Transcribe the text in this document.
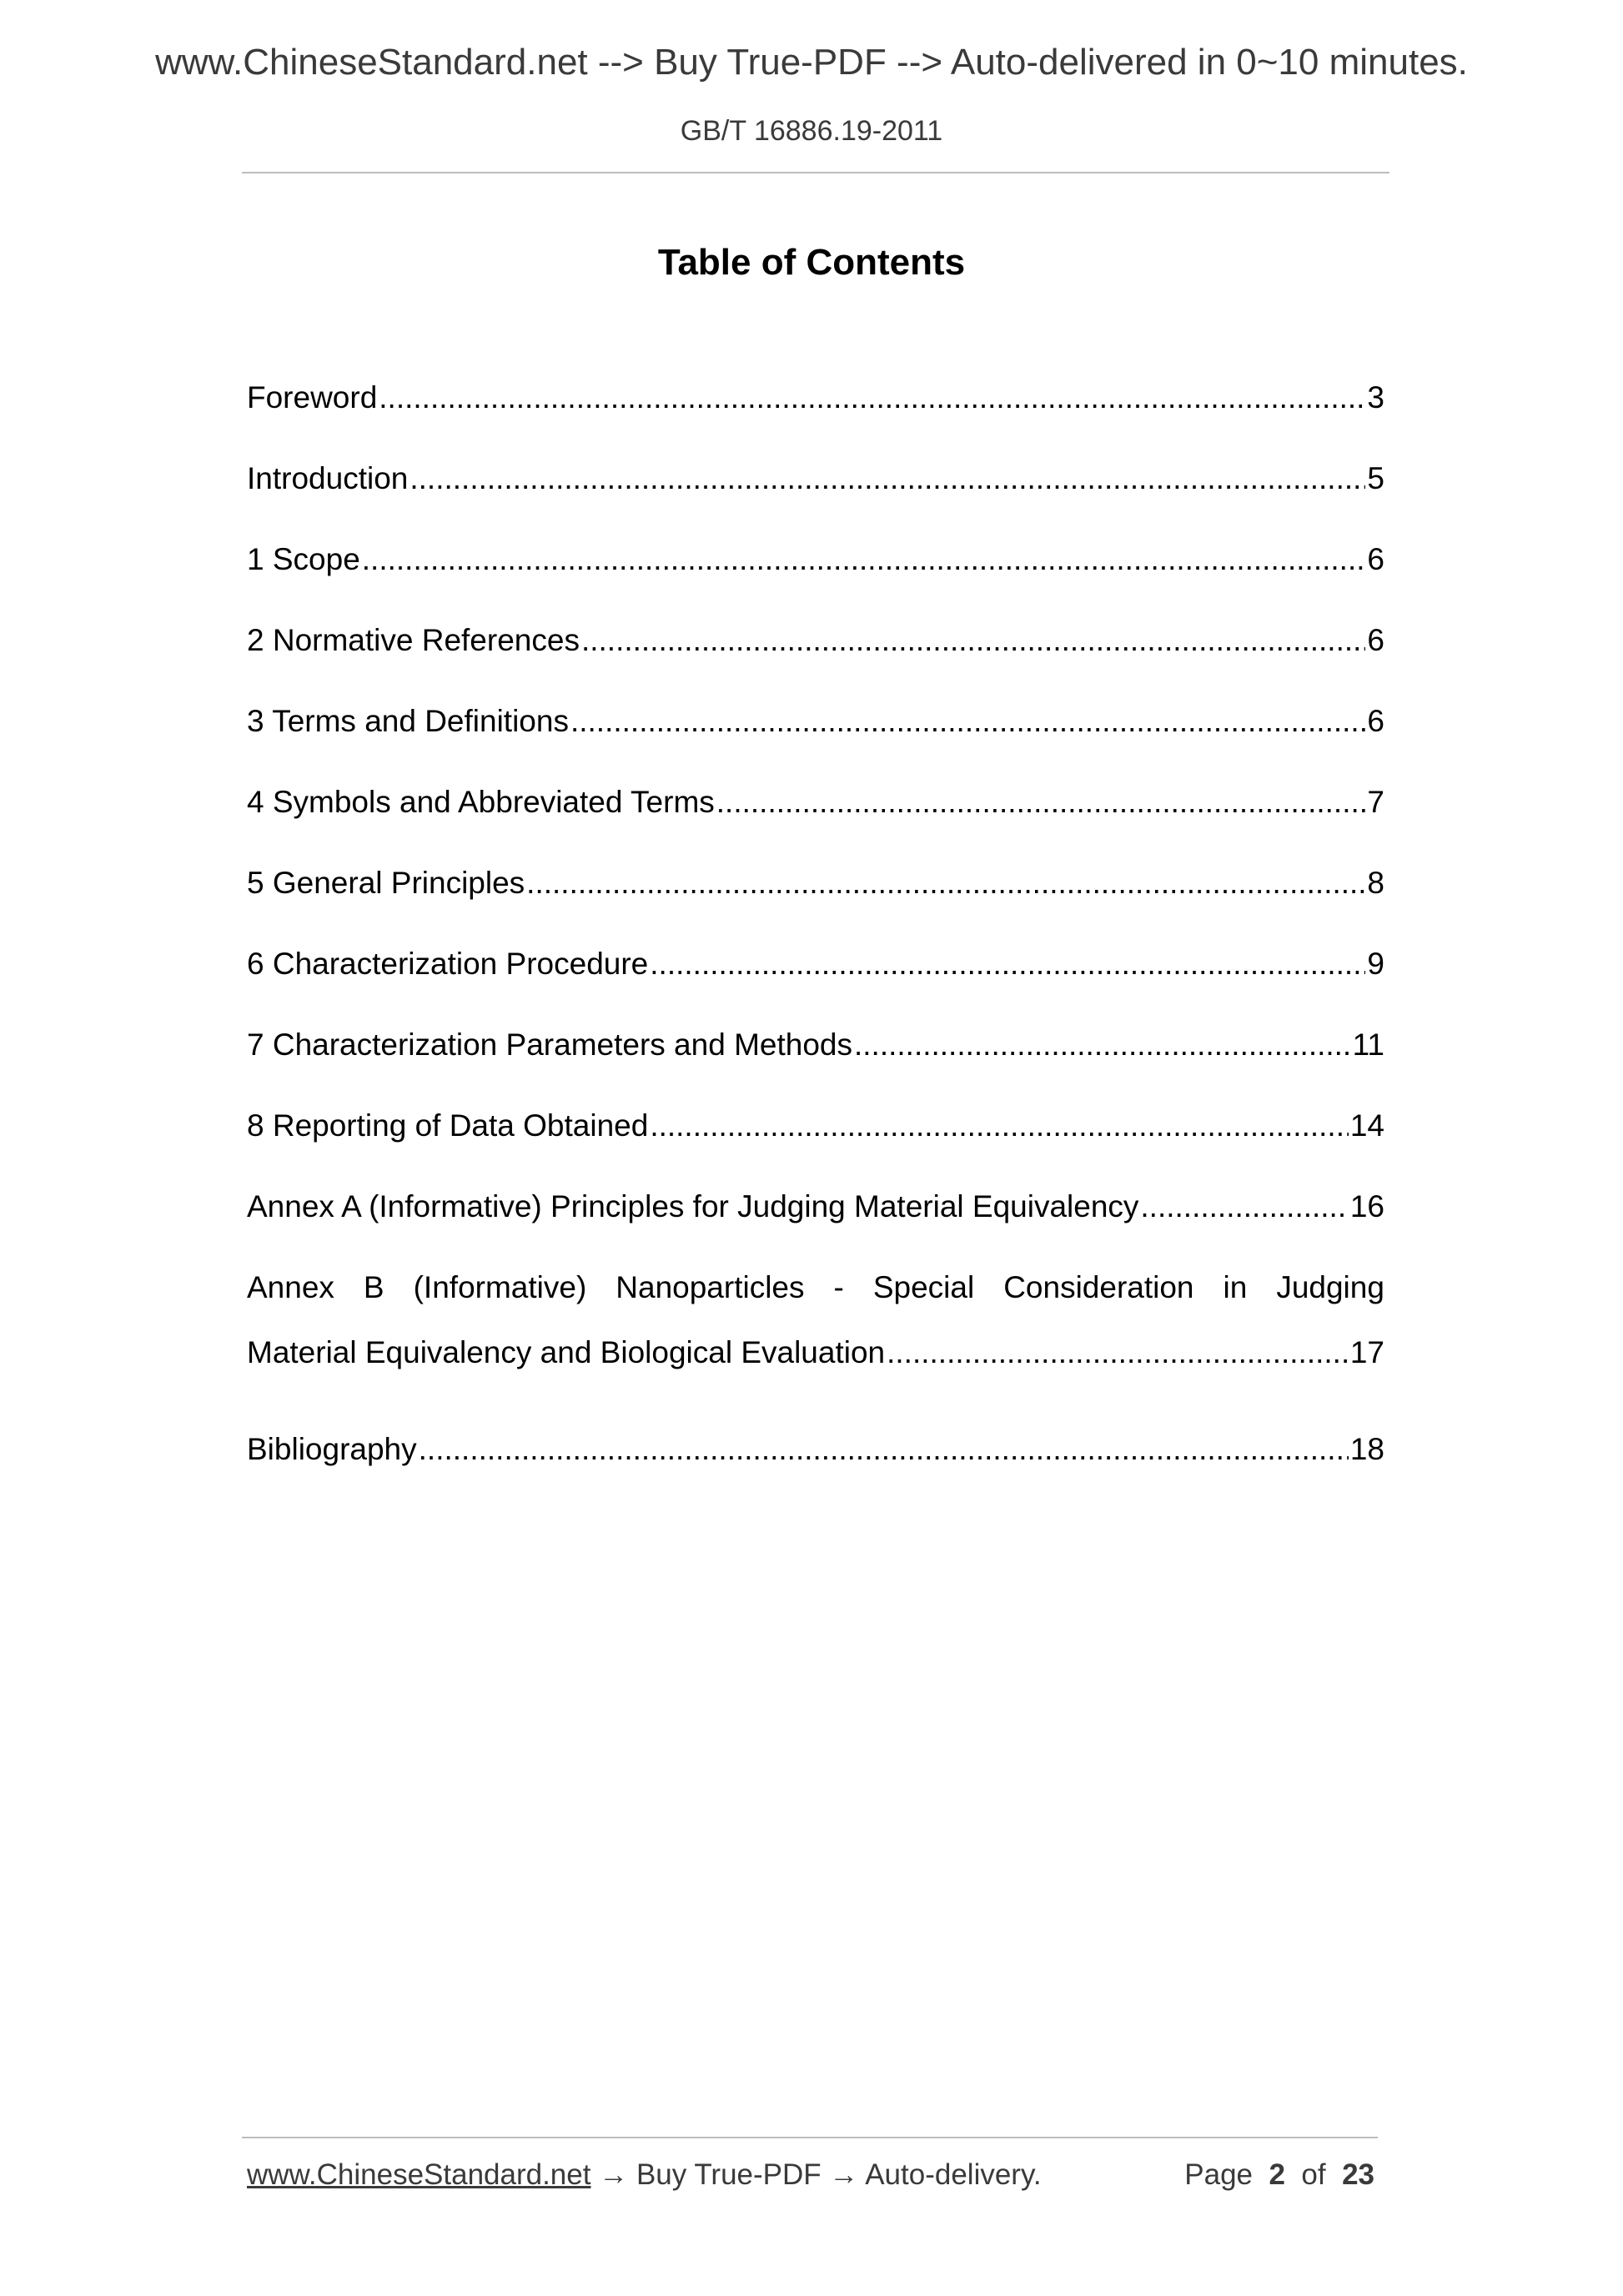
www.ChineseStandard.net --> Buy True-PDF --> Auto-delivered in 0~10 minutes.
GB/T 16886.19-2011
Table of Contents
Foreword .....	3
Introduction .....	5
1 Scope .....	6
2 Normative References .....	6
3 Terms and Definitions .....	6
4 Symbols and Abbreviated Terms .....	7
5 General Principles .....	8
6 Characterization Procedure .....	9
7 Characterization Parameters and Methods .....	11
8 Reporting of Data Obtained .....	14
Annex A (Informative) Principles for Judging Material Equivalency .....	16
Annex B (Informative) Nanoparticles - Special Consideration in Judging
Material Equivalency and Biological Evaluation .....	17
Bibliography .....	18
www.ChineseStandard.net → Buy True-PDF → Auto-delivery.	Page 2 of 23
